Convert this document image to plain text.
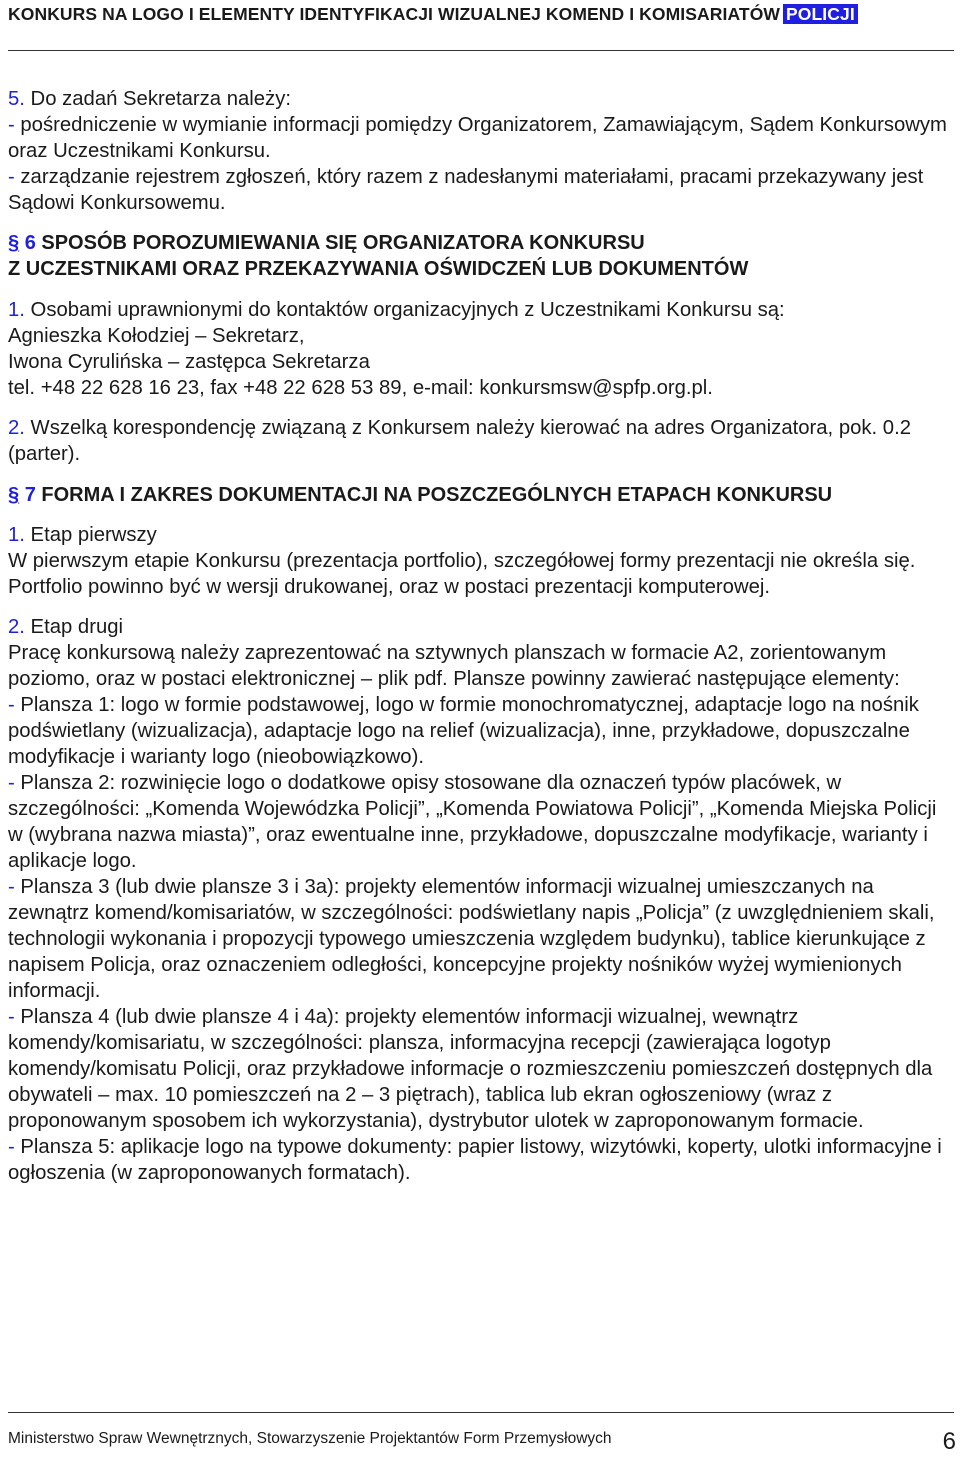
KONKURS NA LOGO I ELEMENTY IDENTYFIKACJI WIZUALNEJ KOMEND I KOMISARIATÓW POLICJI

5. Do zadań Sekretarza należy:

- pośredniczenie w wymianie informacji pomiędzy Organizatorem, Zamawiającym, Sądem Konkursowym oraz Uczestnikami Konkursu.

- zarządzanie rejestrem zgłoszeń, który razem z nadesłanymi materiałami, pracami przekazywany jest Sądowi Konkursowemu.

§ 6 SPOSÓB POROZUMIEWANIA SIĘ ORGANIZATORA KONKURSU
Z UCZESTNIKAMI ORAZ PRZEKAZYWANIA OŚWIDCZEŃ LUB DOKUMENTÓW

1. Osobami uprawnionymi do kontaktów organizacyjnych z Uczestnikami Konkursu są:
Agnieszka Kołodziej – Sekretarz,
Iwona Cyrulińska – zastępca Sekretarza
tel. +48 22 628 16 23, fax +48 22 628 53 89, e-mail: konkursmsw@spfp.org.pl.

2. Wszelką korespondencję związaną z Konkursem należy kierować na adres Organizatora, pok. 0.2 (parter).

§ 7 FORMA I ZAKRES DOKUMENTACJI NA POSZCZEGÓLNYCH ETAPACH KONKURSU

1. Etap pierwszy
W pierwszym etapie Konkursu (prezentacja portfolio), szczegółowej formy prezentacji nie określa się. Portfolio powinno być w wersji drukowanej, oraz w postaci prezentacji komputerowej.

2. Etap drugi
Pracę konkursową należy zaprezentować na sztywnych planszach w formacie A2, zorientowanym poziomo, oraz w postaci elektronicznej – plik pdf. Plansze powinny zawierać następujące elementy:

- Plansza 1: logo w formie podstawowej, logo w formie monochromatycznej, adaptacje logo na nośnik podświetlany (wizualizacja), adaptacje logo na relief (wizualizacja), inne, przykładowe, dopuszczalne modyfikacje i warianty logo (nieobowiązkowo).

- Plansza 2: rozwinięcie logo o dodatkowe opisy stosowane dla oznaczeń typów placówek, w szczególności: „Komenda Wojewódzka Policji”, „Komenda Powiatowa Policji”, „Komenda Miejska Policji w (wybrana nazwa miasta)”, oraz ewentualne inne, przykładowe, dopuszczalne modyfikacje, warianty i aplikacje logo.

- Plansza 3 (lub dwie plansze 3 i 3a): projekty elementów informacji wizualnej umieszczanych na zewnątrz komend/komisariatów, w szczególności: podświetlany napis „Policja” (z uwzględnieniem skali, technologii wykonania i propozycji typowego umieszczenia względem budynku), tablice kierunkujące z napisem Policja, oraz oznaczeniem odległości, koncepcyjne projekty nośników wyżej wymienionych informacji.

- Plansza 4 (lub dwie plansze 4 i 4a): projekty elementów informacji wizualnej, wewnątrz komendy/komisariatu, w szczególności: plansza, informacyjna recepcji (zawierająca logotyp komendy/komisatu Policji, oraz przykładowe informacje o rozmieszczeniu pomieszczeń dostępnych dla obywateli – max. 10 pomieszczeń na 2 – 3 piętrach), tablica lub ekran ogłoszeniowy (wraz z proponowanym sposobem ich wykorzystania), dystrybutor ulotek w zaproponowanym formacie.

- Plansza 5: aplikacje logo na typowe dokumenty: papier listowy, wizytówki, koperty, ulotki informacyjne i ogłoszenia (w zaproponowanych formatach).

Ministerstwo Spraw Wewnętrznych, Stowarzyszenie Projektantów Form Przemysłowych	6
